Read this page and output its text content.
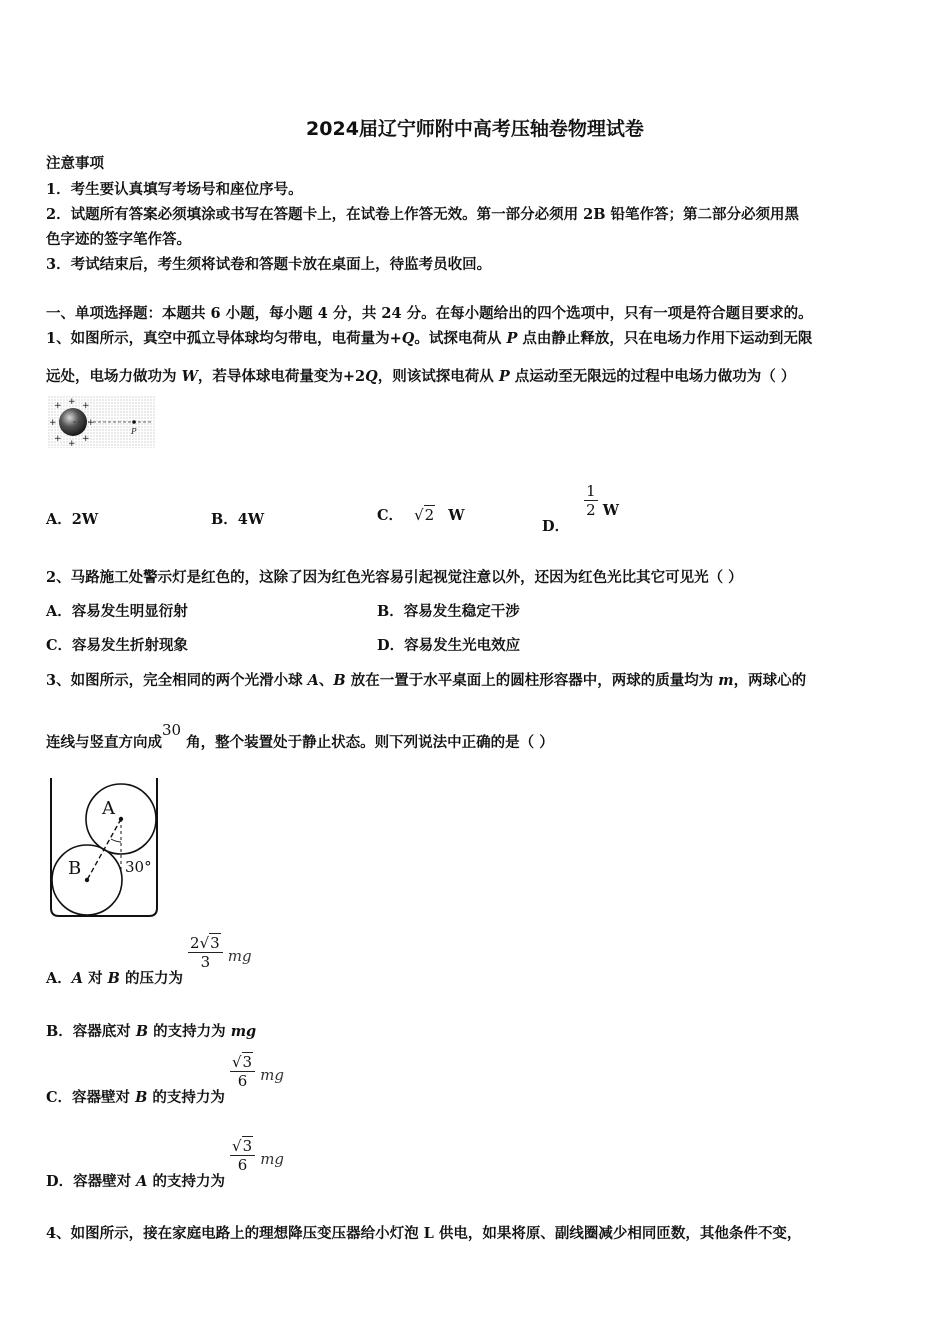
2024届辽宁师附中高考压轴卷物理试卷
注意事项
1．考生要认真填写考场号和座位序号。
2．试题所有答案必须填涂或书写在答题卡上，在试卷上作答无效。第一部分必须用 2B 铅笔作答；第二部分必须用黑
色字迹的签字笔作答。
3．考试结束后，考生须将试卷和答题卡放在桌面上，待监考员收回。
一、单项选择题：本题共 6 小题，每小题 4 分，共 24 分。在每小题给出的四个选项中，只有一项是符合题目要求的。
1、如图所示，真空中孤立导体球均匀带电，电荷量为+Q。试探电荷从 P 点由静止释放，只在电场力作用下运动到无限
远处，电场力做功为 W，若导体球电荷量变为+2Q，则该试探电荷从 P 点运动至无限远的过程中电场力做功为（ ）
+ +
+
+
+
+
+
+
P
A．2W	B．4W	C． √2 W
D．
$\frac{1}{2}$ W
2、马路施工处警示灯是红色的，这除了因为红色光容易引起视觉注意以外，还因为红色光比其它可见光（ ）
A．容易发生明显衍射	B．容易发生稳定干涉
C．容易发生折射现象	D．容易发生光电效应
3、如图所示，完全相同的两个光滑小球 A、B 放在一置于水平桌面上的圆柱形容器中，两球的质量均为 m，两球心的
连线与竖直方向成30 角，整个装置处于静止状态。则下列说法中正确的是（ ）
A
B	30°
A．A 对 B 的压力为
$\frac{2√3}{3}$ mg
B．容器底对 B 的支持力为 mg
C．容器壁对 B 的支持力为
$\frac{√3}{6}$ mg
D．容器壁对 A 的支持力为
$\frac{√3}{6}$ mg
4、如图所示，接在家庭电路上的理想降压变压器给小灯泡 L 供电，如果将原、副线圈减少相同匝数，其他条件不变，
